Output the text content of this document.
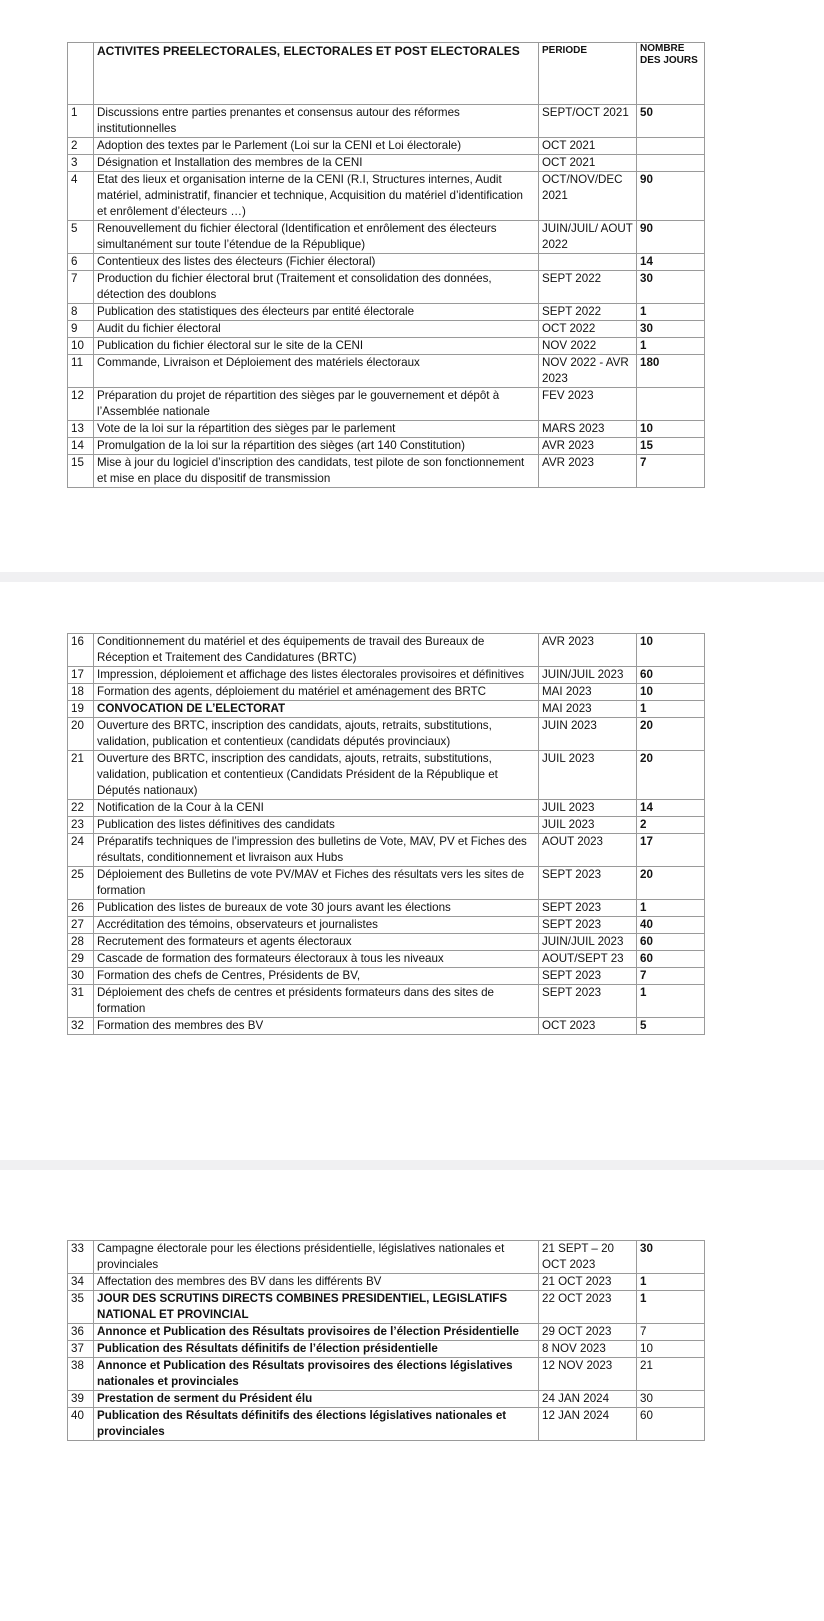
	ACTIVITES PREELECTORALES, ELECTORALES ET POST ELECTORALES	PERIODE	NOMBRE DES JOURS
1	Discussions entre parties prenantes et consensus autour des réformes institutionnelles	SEPT/OCT 2021	50
2	Adoption des textes par le Parlement (Loi sur la CENI et Loi électorale)	OCT 2021	
3	Désignation et Installation des membres de la CENI	OCT 2021	
4	Etat des lieux et organisation interne de la CENI (R.I, Structures internes, Audit matériel, administratif, financier et technique, Acquisition du matériel d’identification et enrôlement d’électeurs …)	OCT/NOV/DEC 2021	90
5	Renouvellement du fichier électoral (Identification et enrôlement des électeurs simultanément sur toute l’étendue de la République)	JUIN/JUIL/ AOUT 2022	90
6	Contentieux des listes des électeurs (Fichier électoral)		14
7	Production du fichier électoral brut (Traitement et consolidation des données, détection des doublons	SEPT 2022	30
8	Publication des statistiques des électeurs par entité électorale	SEPT 2022	1
9	Audit du fichier électoral	OCT 2022	30
10	Publication du fichier électoral sur le site de la CENI	NOV 2022	1
11	Commande, Livraison et Déploiement des matériels électoraux	NOV 2022 - AVR 2023	180
12	Préparation du projet de répartition des sièges par le gouvernement et dépôt à l’Assemblée nationale	FEV 2023	
13	Vote de la loi sur la répartition des sièges par le parlement	MARS 2023	10
14	Promulgation de la loi sur la répartition des sièges (art 140 Constitution)	AVR 2023	15
15	Mise à jour du logiciel d’inscription des candidats, test pilote de son fonctionnement et mise en place du dispositif de transmission	AVR 2023	7
16	Conditionnement du matériel et des équipements de travail des Bureaux de Réception et Traitement des Candidatures (BRTC)	AVR 2023	10
17	Impression, déploiement et affichage des listes électorales provisoires et définitives	JUIN/JUIL 2023	60
18	Formation des agents, déploiement du matériel et aménagement des BRTC	MAI 2023	10
19	CONVOCATION DE L’ELECTORAT	MAI 2023	1
20	Ouverture des BRTC, inscription des candidats, ajouts, retraits, substitutions, validation, publication et contentieux (candidats députés provinciaux)	JUIN 2023	20
21	Ouverture des BRTC, inscription des candidats, ajouts, retraits, substitutions, validation, publication et contentieux (Candidats Président de la République et Députés nationaux)	JUIL 2023	20
22	Notification de la Cour à la CENI	JUIL 2023	14
23	Publication des listes définitives des candidats	JUIL 2023	2
24	Préparatifs techniques de l’impression des bulletins de Vote, MAV, PV et Fiches des résultats, conditionnement et livraison aux Hubs	AOUT 2023	17
25	Déploiement des Bulletins de vote PV/MAV et Fiches des résultats vers les sites de formation	SEPT 2023	20
26	Publication des listes de bureaux de vote 30 jours avant les élections	SEPT 2023	1
27	Accréditation des témoins, observateurs et journalistes	SEPT 2023	40
28	Recrutement des formateurs et agents électoraux	JUIN/JUIL 2023	60
29	Cascade de formation des formateurs électoraux à tous les niveaux	AOUT/SEPT 23	60
30	Formation des chefs de Centres, Présidents de BV,	SEPT 2023	7
31	Déploiement des chefs de centres et présidents formateurs dans des sites de formation	SEPT 2023	1
32	Formation des membres des BV	OCT 2023	5
33	Campagne électorale pour les élections présidentielle, législatives nationales et provinciales	21 SEPT – 20 OCT 2023	30
34	Affectation des membres des BV dans les différents BV	21 OCT 2023	1
35	JOUR DES SCRUTINS DIRECTS COMBINES PRESIDENTIEL, LEGISLATIFS NATIONAL ET PROVINCIAL	22 OCT 2023	1
36	Annonce et Publication des Résultats provisoires de l’élection Présidentielle	29 OCT 2023	7
37	Publication des Résultats définitifs de l’élection présidentielle	8 NOV 2023	10
38	Annonce et Publication des Résultats provisoires des élections législatives nationales et provinciales	12 NOV 2023	21
39	Prestation de serment du Président élu	24 JAN 2024	30
40	Publication des Résultats définitifs des élections législatives nationales et provinciales	12 JAN 2024	60
